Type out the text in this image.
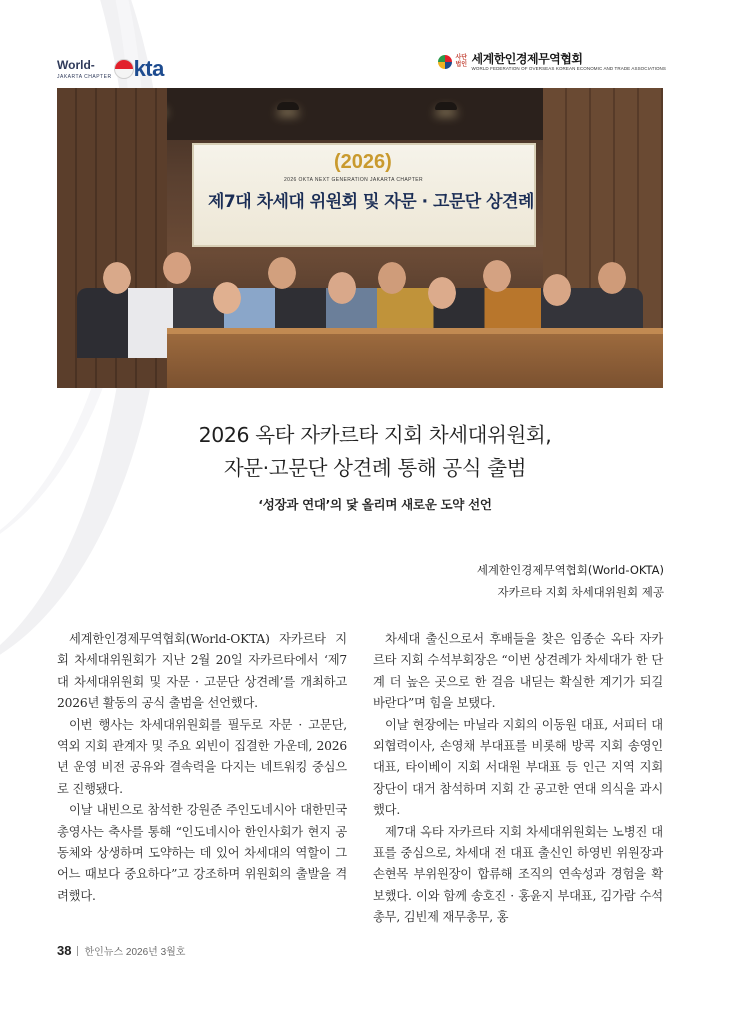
World-
JAKARTA CHAPTER kta	사단법인 세계한인경제무역협회
WORLD FEDERATION OF OVERSEAS KOREAN ECONOMIC AND TRADE ASSOCIATIONS
(2026)
2026 OKTA NEXT GENERATION JAKARTA CHAPTER
제7대 차세대 위원회 및 자문 · 고문단 상견례
2026 옥타 자카르타 지회 차세대위원회,
자문·고문단 상견례 통해 공식 출범
‘성장과 연대’의 닻 올리며 새로운 도약 선언
세계한인경제무역협회(World-OKTA)
자카르타 지회 차세대위원회 제공

세계한인경제무역협회(World-OKTA) 자카르타 지회 차세대위원회가 지난 2월 20일 자카르타에서 ‘제7대 차세대위원회 및 자문 · 고문단 상견례’를 개최하고 2026년 활동의 공식 출범을 선언했다.

이번 행사는 차세대위원회를 필두로 자문 · 고문단, 역외 지회 관계자 및 주요 외빈이 집결한 가운데, 2026년 운영 비전 공유와 결속력을 다지는 네트워킹 중심으로 진행됐다.

이날 내빈으로 참석한 강원준 주인도네시아 대한민국 총영사는 축사를 통해 “인도네시아 한인사회가 현지 공동체와 상생하며 도약하는 데 있어 차세대의 역할이 그 어느 때보다 중요하다”고 강조하며 위원회의 출발을 격려했다.

차세대 출신으로서 후배들을 찾은 임종순 옥타 자카르타 지회 수석부회장은 “이번 상견례가 차세대가 한 단계 더 높은 곳으로 한 걸음 내딛는 확실한 계기가 되길 바란다”며 힘을 보탰다.

이날 현장에는 마닐라 지회의 이동원 대표, 서피터 대외협력이사, 손영채 부대표를 비롯해 방콕 지회 송영인 대표, 타이베이 지회 서대원 부대표 등 인근 지역 지회장단이 대거 참석하며 지회 간 공고한 연대 의식을 과시했다.

제7대 옥타 자카르타 지회 차세대위원회는 노병진 대표를 중심으로, 차세대 전 대표 출신인 하영빈 위원장과 손현목 부위원장이 합류해 조직의 연속성과 경험을 확보했다. 이와 함께 송호진 · 홍윤지 부대표, 김가람 수석총무, 김빈제 재무총무, 홍

38 한인뉴스 2026년 3월호
